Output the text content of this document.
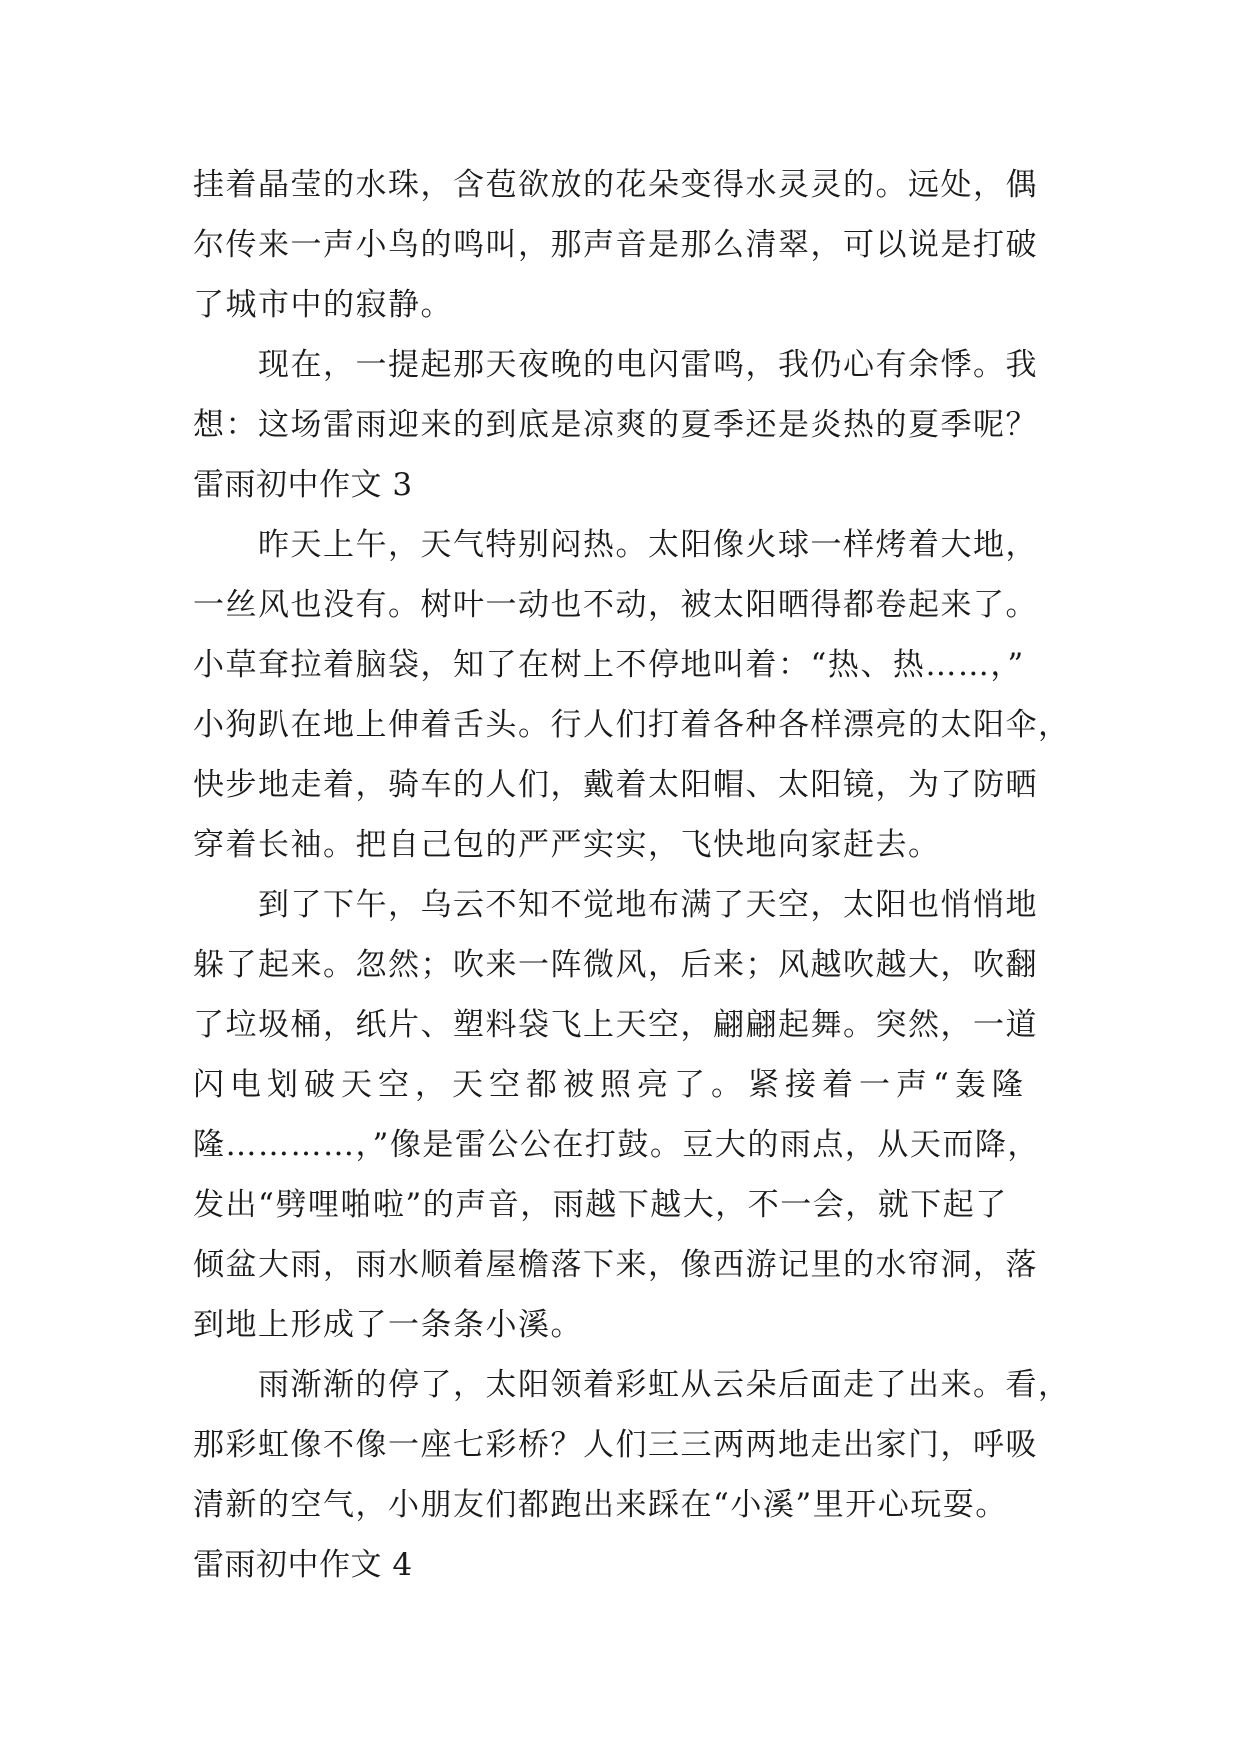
挂着晶莹的水珠，含苞欲放的花朵变得水灵灵的。远处，偶
尔传来一声小鸟的鸣叫，那声音是那么清翠，可以说是打破
了城市中的寂静。
　　现在，一提起那天夜晚的电闪雷鸣，我仍心有余悸。我
想：这场雷雨迎来的到底是凉爽的夏季还是炎热的夏季呢？
雷雨初中作文 3
　　昨天上午，天气特别闷热。太阳像火球一样烤着大地，
一丝风也没有。树叶一动也不动，被太阳晒得都卷起来了。
小草耷拉着脑袋，知了在树上不停地叫着：“热、热……，”
小狗趴在地上伸着舌头。行人们打着各种各样漂亮的太阳伞，
快步地走着，骑车的人们，戴着太阳帽、太阳镜，为了防晒
穿着长袖。把自己包的严严实实，飞快地向家赶去。
　　到了下午，乌云不知不觉地布满了天空，太阳也悄悄地
躲了起来。忽然；吹来一阵微风，后来；风越吹越大，吹翻
了垃圾桶，纸片、塑料袋飞上天空，翩翩起舞。突然，一道
闪电划破天空，天空都被照亮了。紧接着一声“轰隆
隆…………，”像是雷公公在打鼓。豆大的雨点，从天而降，
发出“劈哩啪啦”的声音，雨越下越大，不一会，就下起了
倾盆大雨，雨水顺着屋檐落下来，像西游记里的水帘洞，落
到地上形成了一条条小溪。
　　雨渐渐的停了，太阳领着彩虹从云朵后面走了出来。看，
那彩虹像不像一座七彩桥？人们三三两两地走出家门，呼吸
清新的空气，小朋友们都跑出来踩在“小溪”里开心玩耍。
雷雨初中作文 4
